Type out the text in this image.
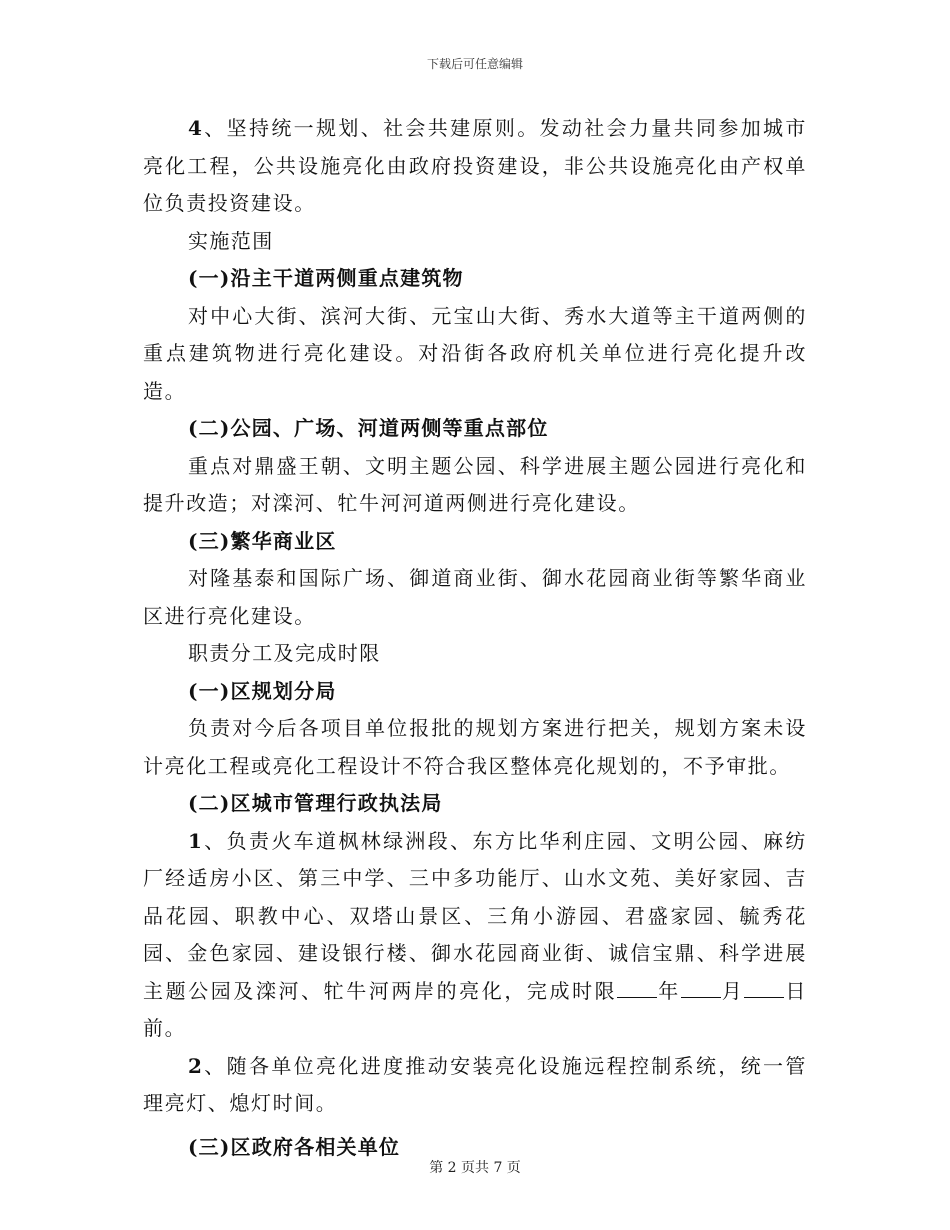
下载后可任意编辑

4、坚持统一规划、社会共建原则。发动社会力量共同参加城市亮化工程，公共设施亮化由政府投资建设，非公共设施亮化由产权单位负责投资建设。

实施范围

(一)沿主干道两侧重点建筑物

对中心大街、滨河大街、元宝山大街、秀水大道等主干道两侧的重点建筑物进行亮化建设。对沿街各政府机关单位进行亮化提升改造。

(二)公园、广场、河道两侧等重点部位

重点对鼎盛王朝、文明主题公园、科学进展主题公园进行亮化和提升改造；对滦河、牤牛河河道两侧进行亮化建设。

(三)繁华商业区

对隆基泰和国际广场、御道商业街、御水花园商业街等繁华商业区进行亮化建设。

职责分工及完成时限

(一)区规划分局

负责对今后各项目单位报批的规划方案进行把关，规划方案未设计亮化工程或亮化工程设计不符合我区整体亮化规划的，不予审批。

(二)区城市管理行政执法局

1、负责火车道枫林绿洲段、东方比华利庄园、文明公园、麻纺厂经适房小区、第三中学、三中多功能厅、山水文苑、美好家园、吉品花园、职教中心、双塔山景区、三角小游园、君盛家园、毓秀花园、金色家园、建设银行楼、御水花园商业街、诚信宝鼎、科学进展主题公园及滦河、牤牛河两岸的亮化，完成时限 年 月 日前。

2、随各单位亮化进度推动安装亮化设施远程控制系统，统一管理亮灯、熄灯时间。

(三)区政府各相关单位

第 2 页共 7 页
